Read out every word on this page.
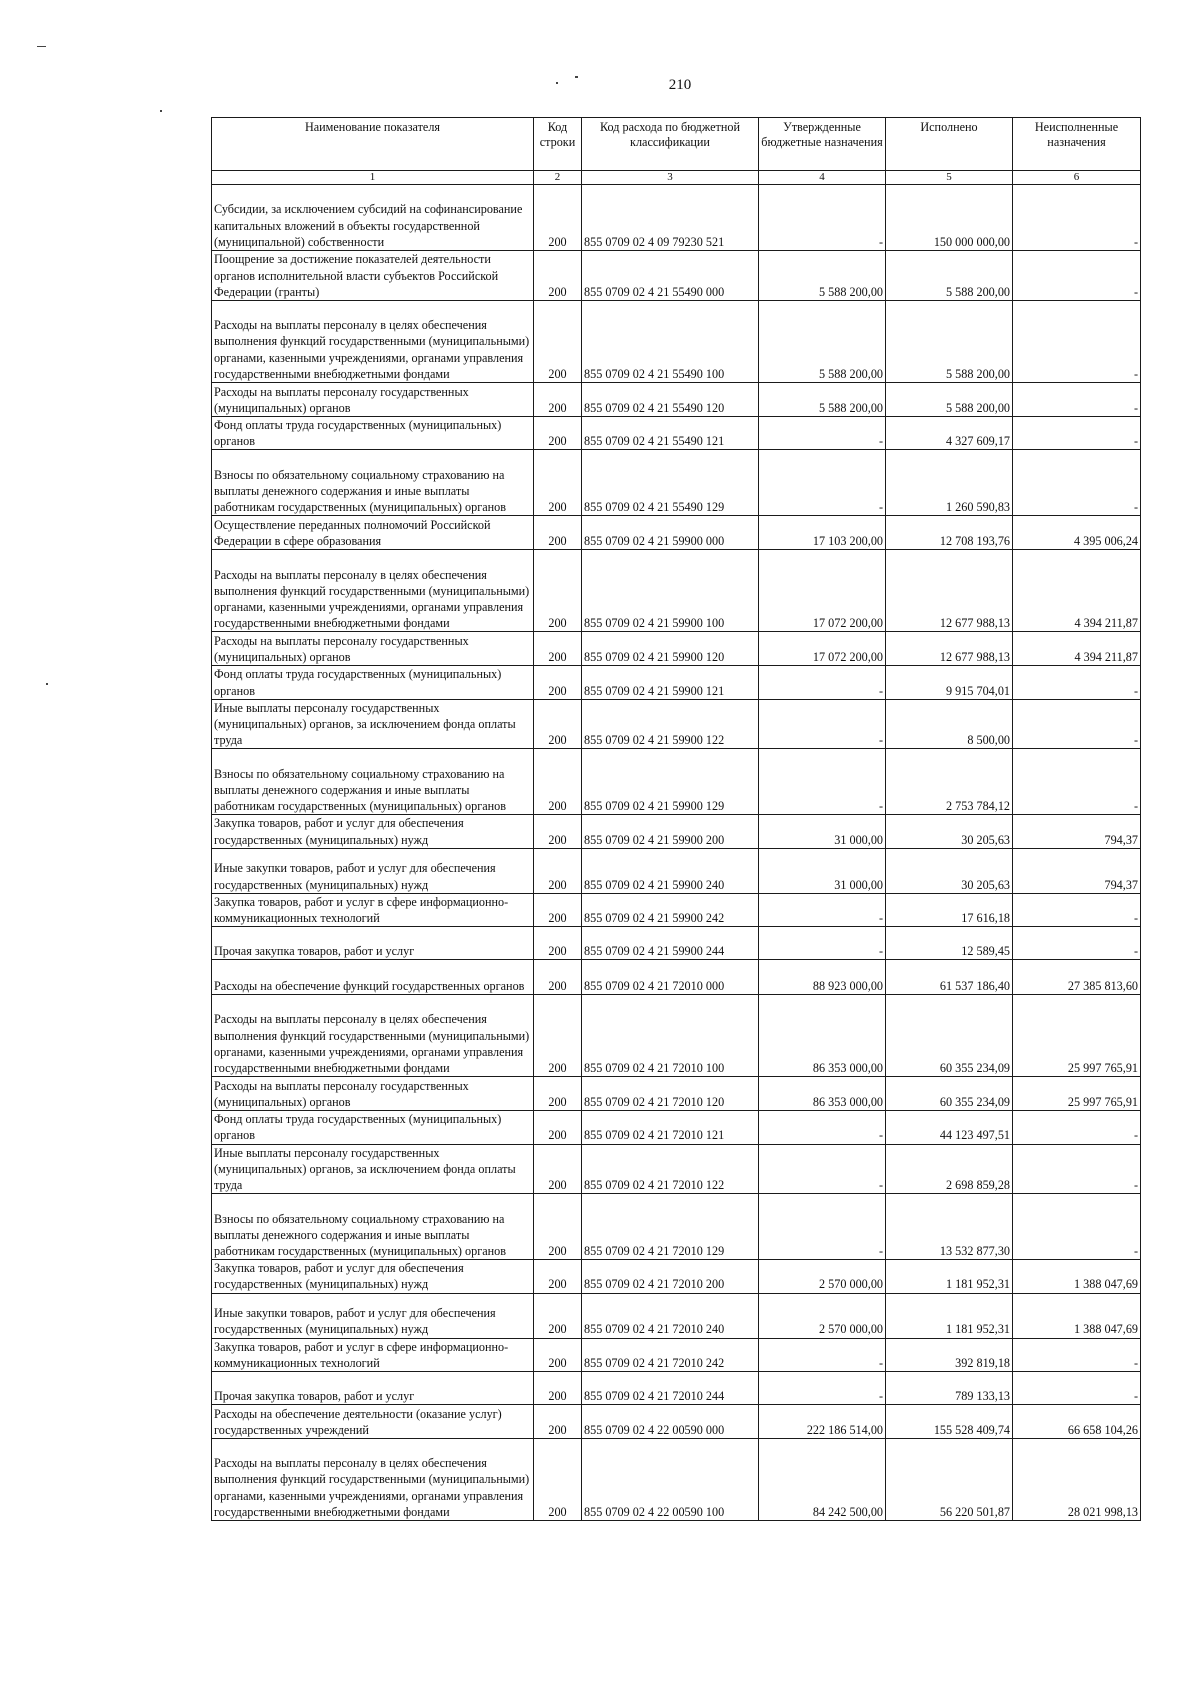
210
Наименование показателя	Код строки	Код расхода по бюджетной классификации	Утвержденные бюджетные назначения	Исполнено	Неисполненные назначения
1	2	3	4	5	6
Субсидии, за исключением субсидий на софинансирование капитальных вложений в объекты государственной (муниципальной) собственности	200	855 0709 02 4 09 79230 521	-	150 000 000,00	-
Поощрение за достижение показателей деятельности органов исполнительной власти субъектов Российской Федерации (гранты)	200	855 0709 02 4 21 55490 000	5 588 200,00	5 588 200,00	-
Расходы на выплаты персоналу в целях обеспечения выполнения функций государственными (муниципальными) органами, казенными учреждениями, органами управления государственными внебюджетными фондами	200	855 0709 02 4 21 55490 100	5 588 200,00	5 588 200,00	-
Расходы на выплаты персоналу государственных (муниципальных) органов	200	855 0709 02 4 21 55490 120	5 588 200,00	5 588 200,00	-
Фонд оплаты труда государственных (муниципальных) органов	200	855 0709 02 4 21 55490 121	-	4 327 609,17	-
Взносы по обязательному социальному страхованию на выплаты денежного содержания и иные выплаты работникам государственных (муниципальных) органов	200	855 0709 02 4 21 55490 129	-	1 260 590,83	-
Осуществление переданных полномочий Российской Федерации в сфере образования	200	855 0709 02 4 21 59900 000	17 103 200,00	12 708 193,76	4 395 006,24
Расходы на выплаты персоналу в целях обеспечения выполнения функций государственными (муниципальными) органами, казенными учреждениями, органами управления государственными внебюджетными фондами	200	855 0709 02 4 21 59900 100	17 072 200,00	12 677 988,13	4 394 211,87
Расходы на выплаты персоналу государственных (муниципальных) органов	200	855 0709 02 4 21 59900 120	17 072 200,00	12 677 988,13	4 394 211,87
Фонд оплаты труда государственных (муниципальных) органов	200	855 0709 02 4 21 59900 121	-	9 915 704,01	-
Иные выплаты персоналу государственных (муниципальных) органов, за исключением фонда оплаты труда	200	855 0709 02 4 21 59900 122	-	8 500,00	-
Взносы по обязательному социальному страхованию на выплаты денежного содержания и иные выплаты работникам государственных (муниципальных) органов	200	855 0709 02 4 21 59900 129	-	2 753 784,12	-
Закупка товаров, работ и услуг для обеспечения государственных (муниципальных) нужд	200	855 0709 02 4 21 59900 200	31 000,00	30 205,63	794,37
Иные закупки товаров, работ и услуг для обеспечения государственных (муниципальных) нужд	200	855 0709 02 4 21 59900 240	31 000,00	30 205,63	794,37
Закупка товаров, работ и услуг в сфере информационно-коммуникационных технологий	200	855 0709 02 4 21 59900 242	-	17 616,18	-
Прочая закупка товаров, работ и услуг	200	855 0709 02 4 21 59900 244	-	12 589,45	-
Расходы на обеспечение функций государственных органов	200	855 0709 02 4 21 72010 000	88 923 000,00	61 537 186,40	27 385 813,60
Расходы на выплаты персоналу в целях обеспечения выполнения функций государственными (муниципальными) органами, казенными учреждениями, органами управления государственными внебюджетными фондами	200	855 0709 02 4 21 72010 100	86 353 000,00	60 355 234,09	25 997 765,91
Расходы на выплаты персоналу государственных (муниципальных) органов	200	855 0709 02 4 21 72010 120	86 353 000,00	60 355 234,09	25 997 765,91
Фонд оплаты труда государственных (муниципальных) органов	200	855 0709 02 4 21 72010 121	-	44 123 497,51	-
Иные выплаты персоналу государственных (муниципальных) органов, за исключением фонда оплаты труда	200	855 0709 02 4 21 72010 122	-	2 698 859,28	-
Взносы по обязательному социальному страхованию на выплаты денежного содержания и иные выплаты работникам государственных (муниципальных) органов	200	855 0709 02 4 21 72010 129	-	13 532 877,30	-
Закупка товаров, работ и услуг для обеспечения государственных (муниципальных) нужд	200	855 0709 02 4 21 72010 200	2 570 000,00	1 181 952,31	1 388 047,69
Иные закупки товаров, работ и услуг для обеспечения государственных (муниципальных) нужд	200	855 0709 02 4 21 72010 240	2 570 000,00	1 181 952,31	1 388 047,69
Закупка товаров, работ и услуг в сфере информационно-коммуникационных технологий	200	855 0709 02 4 21 72010 242	-	392 819,18	-
Прочая закупка товаров, работ и услуг	200	855 0709 02 4 21 72010 244	-	789 133,13	-
Расходы на обеспечение деятельности (оказание услуг) государственных учреждений	200	855 0709 02 4 22 00590 000	222 186 514,00	155 528 409,74	66 658 104,26
Расходы на выплаты персоналу в целях обеспечения выполнения функций государственными (муниципальными) органами, казенными учреждениями, органами управления государственными внебюджетными фондами	200	855 0709 02 4 22 00590 100	84 242 500,00	56 220 501,87	28 021 998,13
